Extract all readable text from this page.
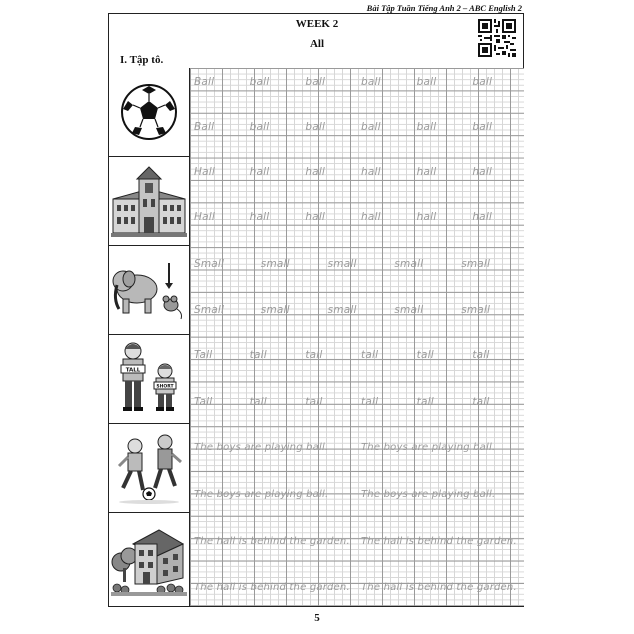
Bài Tập Tuần Tiếng Anh 2 – ABC English 2
WEEK 2
All
I. Tập tô.
TALL
SHORT
Ball	ball	ball	ball	ball	ball
Ball	ball	ball	ball	ball	ball
Hall	hall	hall	hall	hall	hall
Hall	hall	hall	hall	hall	hall
Small	small	small	small	small
Small	small	small	small	small
Tall	tall	tall	tall	tall	tall
Tall	tall	tall	tall	tall	tall
The boys are playing ball.	The boys are playing ball.
The boys are playing ball.	The boys are playing ball.
The hall is behind the garden. The hall is behind the garden.
The hall is behind the garden. The hall is behind the garden.
5
